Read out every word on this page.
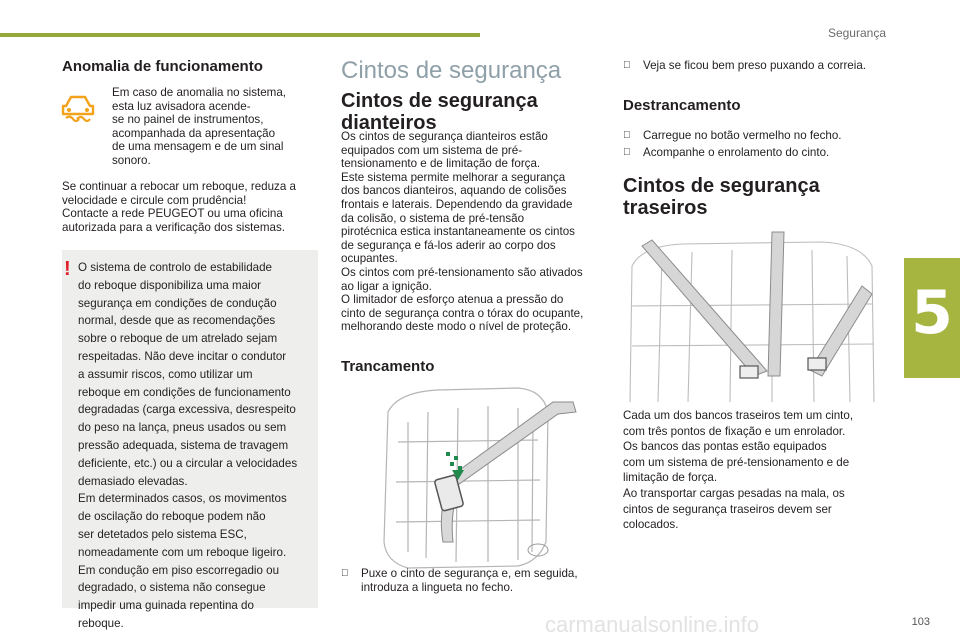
Segurança
5
Anomalia de funcionamento
Em caso de anomalia no sistema,
esta luz avisadora acende-
se no painel de instrumentos,
acompanhada da apresentação
de uma mensagem e de um sinal
sonoro.
Se continuar a rebocar um reboque, reduza a
velocidade e circule com prudência!
Contacte a rede PEUGEOT ou uma oficina
autorizada para a verificação dos sistemas.
! O sistema de controlo de estabilidade
do reboque disponibiliza uma maior
segurança em condições de condução
normal, desde que as recomendações
sobre o reboque de um atrelado sejam
respeitadas. Não deve incitar o condutor
a assumir riscos, como utilizar um
reboque em condições de funcionamento
degradadas (carga excessiva, desrespeito
do peso na lança, pneus usados ou sem
pressão adequada, sistema de travagem
deficiente, etc.) ou a circular a velocidades
demasiado elevadas.
Em determinados casos, os movimentos
de oscilação do reboque podem não
ser detetados pelo sistema ESC,
nomeadamente com um reboque ligeiro.
Em condução em piso escorregadio ou
degradado, o sistema não consegue
impedir uma guinada repentina do
reboque.
Cintos de segurança
Cintos de segurança
dianteiros
Os cintos de segurança dianteiros estão
equipados com um sistema de pré-
tensionamento e de limitação de força.
Este sistema permite melhorar a segurança
dos bancos dianteiros, aquando de colisões
frontais e laterais. Dependendo da gravidade
da colisão, o sistema de pré-tensão
pirotécnica estica instantaneamente os cintos
de segurança e fá-los aderir ao corpo dos
ocupantes.
Os cintos com pré-tensionamento são ativados
ao ligar a ignição.
O limitador de esforço atenua a pressão do
cinto de segurança contra o tórax do ocupante,
melhorando deste modo o nível de proteção.
Trancamento
Puxe o cinto de segurança e, em seguida,
introduza a lingueta no fecho.
Veja se ficou bem preso puxando a correia.
Destrancamento
Carregue no botão vermelho no fecho.
Acompanhe o enrolamento do cinto.
Cintos de segurança
traseiros
Cada um dos bancos traseiros tem um cinto,
com três pontos de fixação e um enrolador.
Os bancos das pontas estão equipados
com um sistema de pré-tensionamento e de
limitação de força.
Ao transportar cargas pesadas na mala, os
cintos de segurança traseiros devem ser
colocados.
carmanualsonline.info	103
